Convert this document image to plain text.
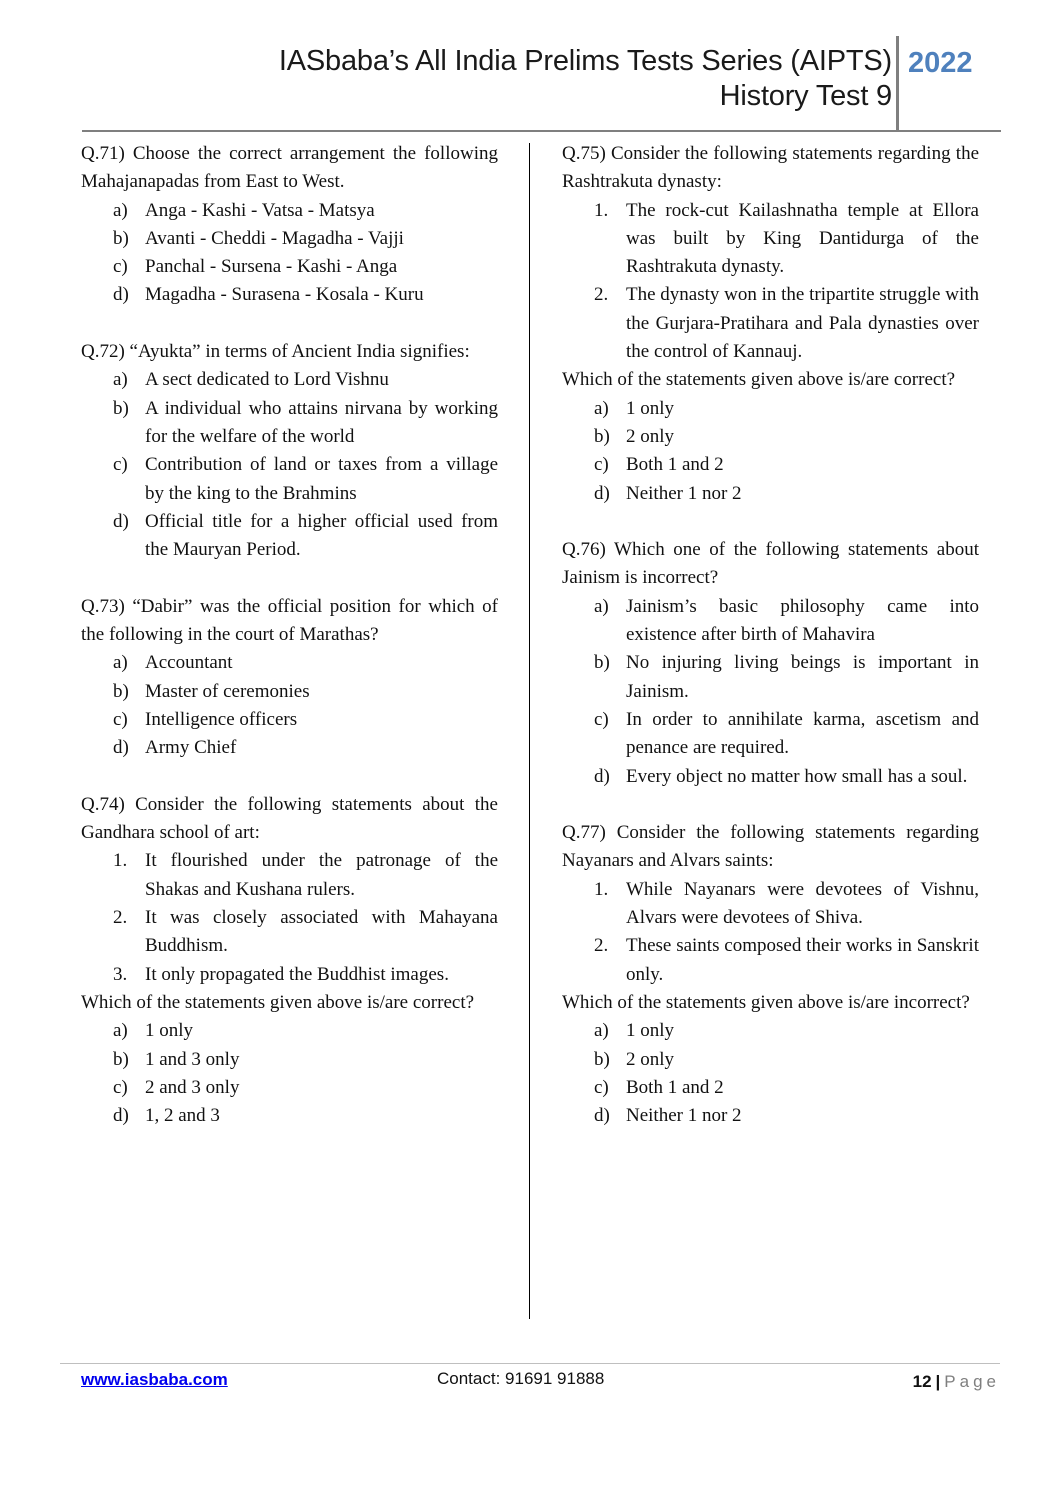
IASbaba’s All India Prelims Tests Series (AIPTS)
History Test 9
2022
Q.71) Choose the correct arrangement the following Mahajanapadas from East to West.
a) Anga - Kashi - Vatsa - Matsya
b) Avanti - Cheddi - Magadha - Vajji
c) Panchal - Sursena - Kashi - Anga
d) Magadha - Surasena - Kosala - Kuru
Q.72) “Ayukta” in terms of Ancient India signifies:
a) A sect dedicated to Lord Vishnu
b) A individual who attains nirvana by working for the welfare of the world
c) Contribution of land or taxes from a village by the king to the Brahmins
d) Official title for a higher official used from the Mauryan Period.
Q.73) “Dabir” was the official position for which of the following in the court of Marathas?
a) Accountant
b) Master of ceremonies
c) Intelligence officers
d) Army Chief
Q.74) Consider the following statements about the Gandhara school of art:
1. It flourished under the patronage of the Shakas and Kushana rulers.
2. It was closely associated with Mahayana Buddhism.
3. It only propagated the Buddhist images.
Which of the statements given above is/are correct?
a) 1 only
b) 1 and 3 only
c) 2 and 3 only
d) 1, 2 and 3
Q.75) Consider the following statements regarding the Rashtrakuta dynasty:
1. The rock-cut Kailashnatha temple at Ellora was built by King Dantidurga of the Rashtrakuta dynasty.
2. The dynasty won in the tripartite struggle with the Gurjara-Pratihara and Pala dynasties over the control of Kannauj.
Which of the statements given above is/are correct?
a) 1 only
b) 2 only
c) Both 1 and 2
d) Neither 1 nor 2
Q.76) Which one of the following statements about Jainism is incorrect?
a) Jainism’s basic philosophy came into existence after birth of Mahavira
b) No injuring living beings is important in Jainism.
c) In order to annihilate karma, ascetism and penance are required.
d) Every object no matter how small has a soul.
Q.77) Consider the following statements regarding Nayanars and Alvars saints:
1. While Nayanars were devotees of Vishnu, Alvars were devotees of Shiva.
2. These saints composed their works in Sanskrit only.
Which of the statements given above is/are incorrect?
a) 1 only
b) 2 only
c) Both 1 and 2
d) Neither 1 nor 2
www.iasbaba.com	Contact: 91691 91888	12 | Page
